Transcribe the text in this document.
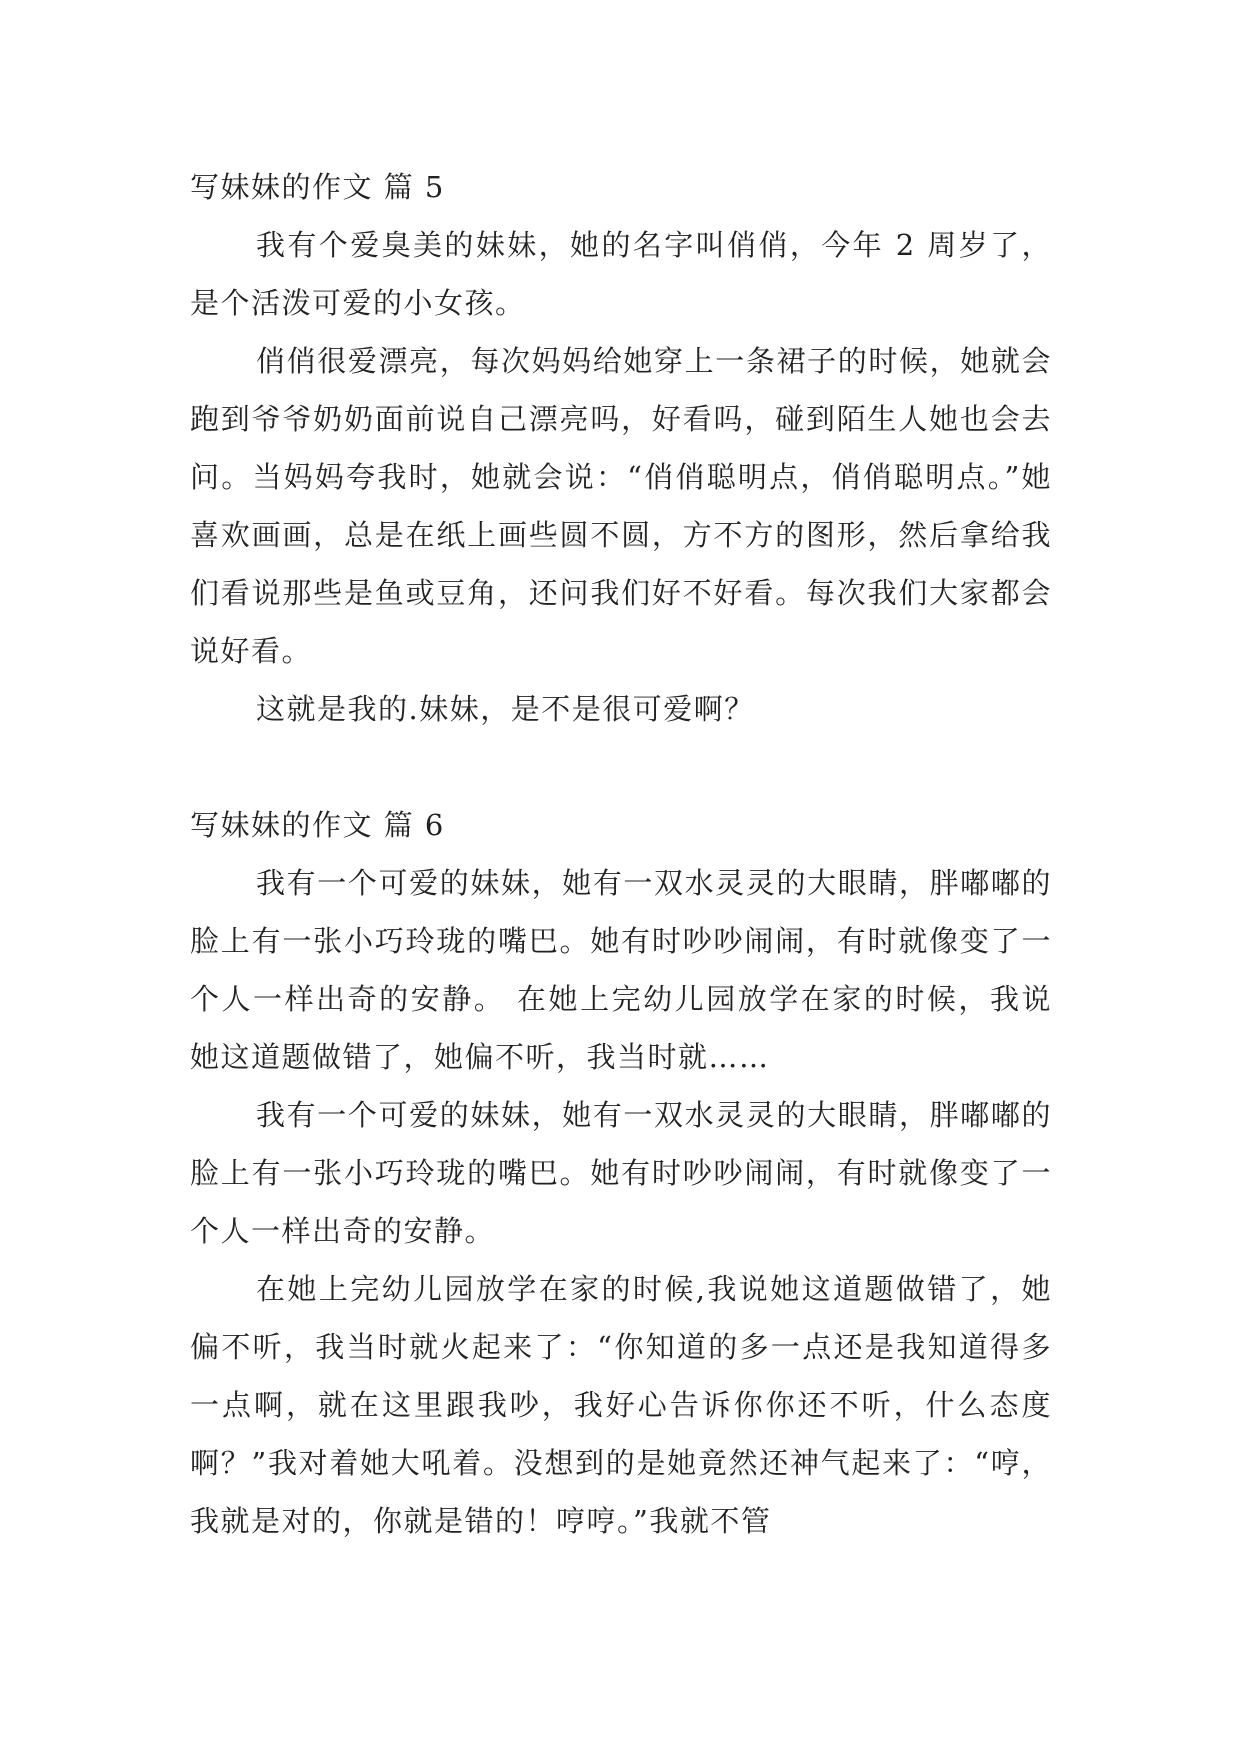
写妹妹的作文 篇 5

我有个爱臭美的妹妹，她的名字叫俏俏，今年 2 周岁了，是个活泼可爱的小女孩。

俏俏很爱漂亮，每次妈妈给她穿上一条裙子的时候，她就会跑到爷爷奶奶面前说自己漂亮吗，好看吗，碰到陌生人她也会去问。当妈妈夸我时，她就会说：“俏俏聪明点，俏俏聪明点。”她喜欢画画，总是在纸上画些圆不圆，方不方的图形，然后拿给我们看说那些是鱼或豆角，还问我们好不好看。每次我们大家都会说好看。

这就是我的.妹妹，是不是很可爱啊？

写妹妹的作文 篇 6

我有一个可爱的妹妹，她有一双水灵灵的大眼睛，胖嘟嘟的脸上有一张小巧玲珑的嘴巴。她有时吵吵闹闹，有时就像变了一个人一样出奇的安静。 在她上完幼儿园放学在家的时候，我说她这道题做错了，她偏不听，我当时就……

我有一个可爱的妹妹，她有一双水灵灵的大眼睛，胖嘟嘟的脸上有一张小巧玲珑的嘴巴。她有时吵吵闹闹，有时就像变了一个人一样出奇的安静。

在她上完幼儿园放学在家的时候,我说她这道题做错了，她偏不听，我当时就火起来了：“你知道的多一点还是我知道得多一点啊，就在这里跟我吵，我好心告诉你你还不听，什么态度啊？”我对着她大吼着。没想到的是她竟然还神气起来了：“哼，我就是对的，你就是错的！哼哼。”我就不管
